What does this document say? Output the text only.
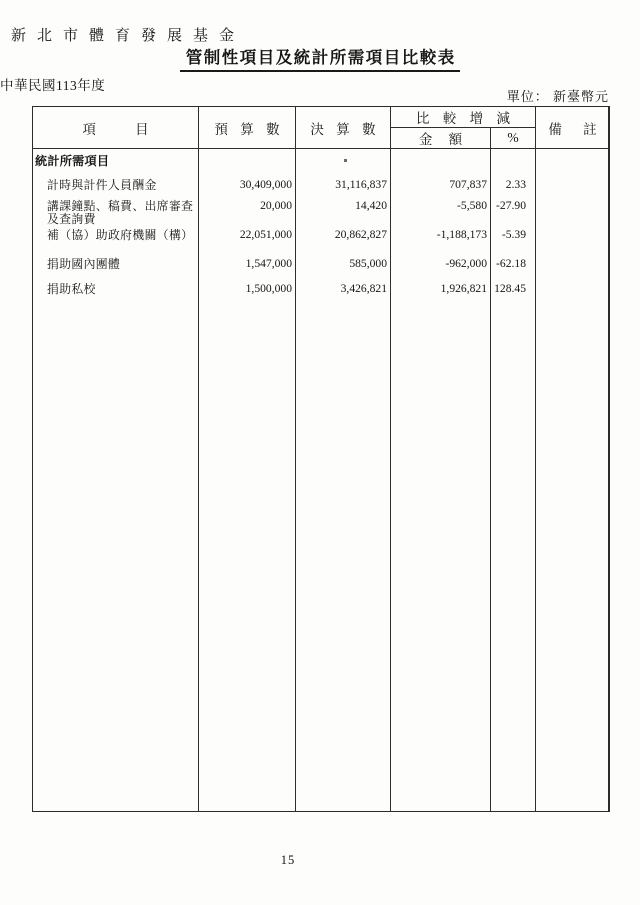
新北市體育發展基金
管制性項目及統計所需項目比較表
中華民國113年度
單位： 新臺幣元
項 目	預 算 數	決 算 數	比 較 增 減		備 註
			金 額	%	
統計所需項目					
計時與計件人員酬金	30,409,000	31,116,837	707,837	2.33	
講課鐘點、稿費、出席審查及查詢費	20,000	14,420	-5,580	-27.90	
補（協）助政府機關（構）	22,051,000	20,862,827	-1,188,173	-5.39	
捐助國內團體	1,547,000	585,000	-962,000	-62.18	
捐助私校	1,500,000	3,426,821	1,926,821	128.45	

15
